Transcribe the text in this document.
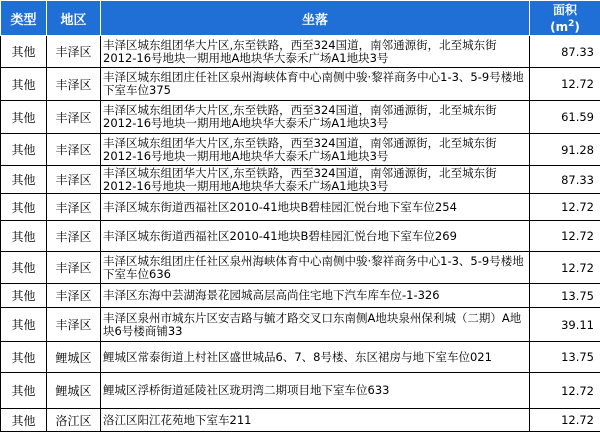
类型	地区	坐落	面积
$(m^2)$
其他	丰泽区	丰泽区城东组团华大片区,东至铁路，西至324国道，南邻通源街，北至城东街2012-16号地块一期用地A地块华大泰禾广场A1地块3号	87.33
其他	丰泽区	丰泽区城东组团庄任社区泉州海峡体育中心南侧中骏·黎祥商务中心1-3、5-9号楼地下室车位375	12.72
其他	丰泽区	丰泽区城东组团华大片区,东至铁路，西至324国道，南邻通源街，北至城东街2012-16号地块一期用地A地块华大泰禾广场A1地块3号	61.59
其他	丰泽区	丰泽区城东组团华大片区,东至铁路，西至324国道，南邻通源街，北至城东街2012-16号地块一期用地A地块华大泰禾广场A1地块3号	91.28
其他	丰泽区	丰泽区城东组团华大片区,东至铁路，西至324国道，南邻通源街，北至城东街2012-16号地块一期用地A地块华大泰禾广场A1地块3号	87.33
其他	丰泽区	丰泽区城东街道西福社区2010-41地块B碧桂园汇悦台地下室车位254	12.72
其他	丰泽区	丰泽区城东街道西福社区2010-41地块B碧桂园汇悦台地下室车位269	12.72
其他	丰泽区	丰泽区城东组团庄任社区泉州海峡体育中心南侧中骏·黎祥商务中心1-3、5-9号楼地下室车位636	12.72
其他	丰泽区	丰泽区东海中芸湖海景花园城高层高尚住宅地下汽车库车位-1-326	13.75
其他	丰泽区	丰泽区泉州市城东片区安吉路与毓才路交叉口东南侧A地块泉州保利城（二期）A地块6号楼商铺33	39.11
其他	鲤城区	鲤城区常泰街道上村社区盛世城品6、7、8号楼、东区裙房与地下室车位021	13.75
其他	鲤城区	鲤城区浮桥街道延陵社区珑玥湾二期项目地下室车位633	12.72
其他	洛江区	洛江区阳江花苑地下室车211	12.72
